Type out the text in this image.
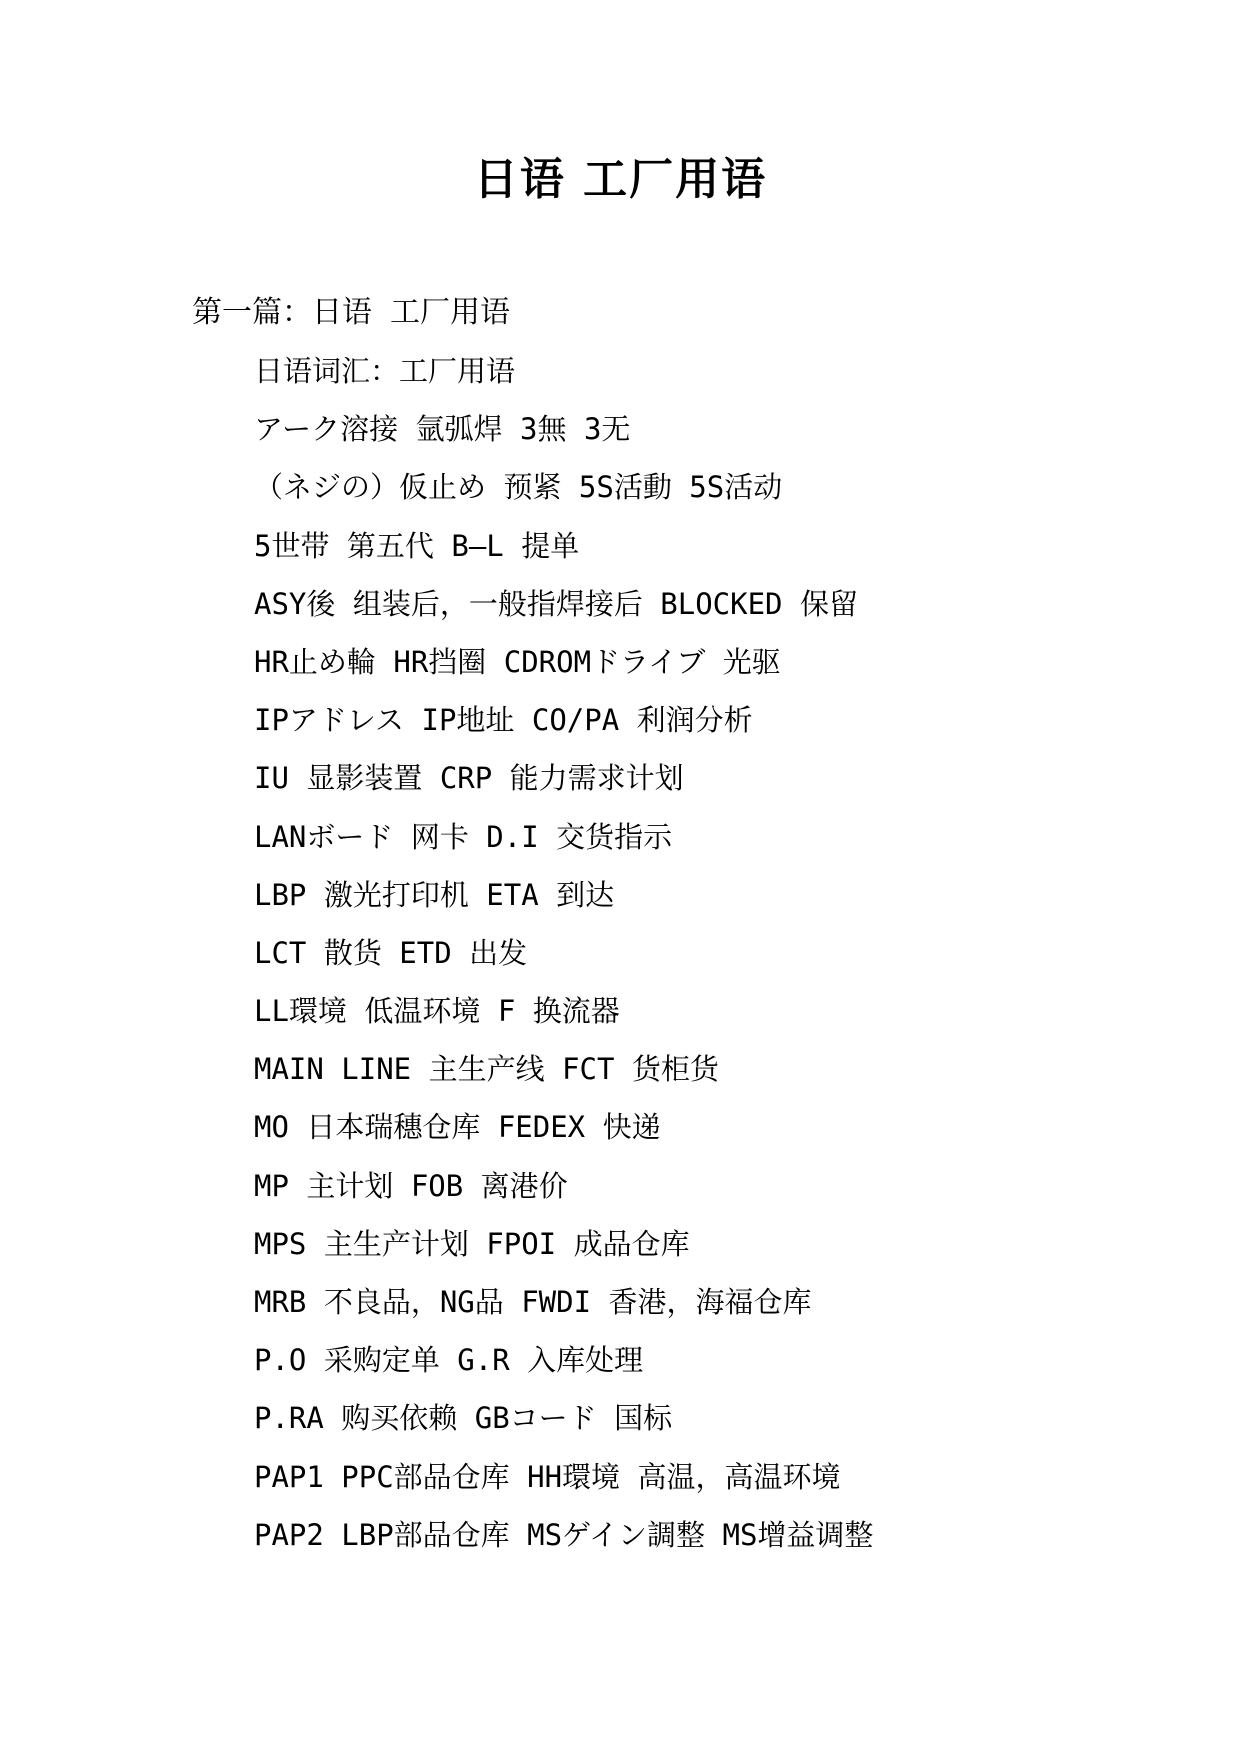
日语 工厂用语
第一篇：日语 工厂用语
日语词汇：工厂用语
アーク溶接 氩弧焊 3無 3无
（ネジの）仮止め 预紧 5S活動 5S活动
5世带 第五代 B—L 提单
ASY後 组装后，一般指焊接后 BLOCKED 保留
HR止め輪 HR挡圈 CDROMドライブ 光驱
IPアドレス IP地址 CO/PA 利润分析
IU 显影装置 CRP 能力需求计划
LANボード 网卡 D.I 交货指示
LBP 激光打印机 ETA 到达
LCT 散货 ETD 出发
LL環境 低温环境 F 换流器
MAIN LINE 主生产线 FCT 货柜货
MO 日本瑞穗仓库 FEDEX 快递
MP 主计划 FOB 离港价
MPS 主生产计划 FPOI 成品仓库
MRB 不良品，NG品 FWDI 香港，海福仓库
P.O 采购定单 G.R 入库处理
P.RA 购买依赖 GBコード 国标
PAP1 PPC部品仓库 HH環境 高温，高温环境
PAP2 LBP部品仓库 MSゲイン調整 MS增益调整
